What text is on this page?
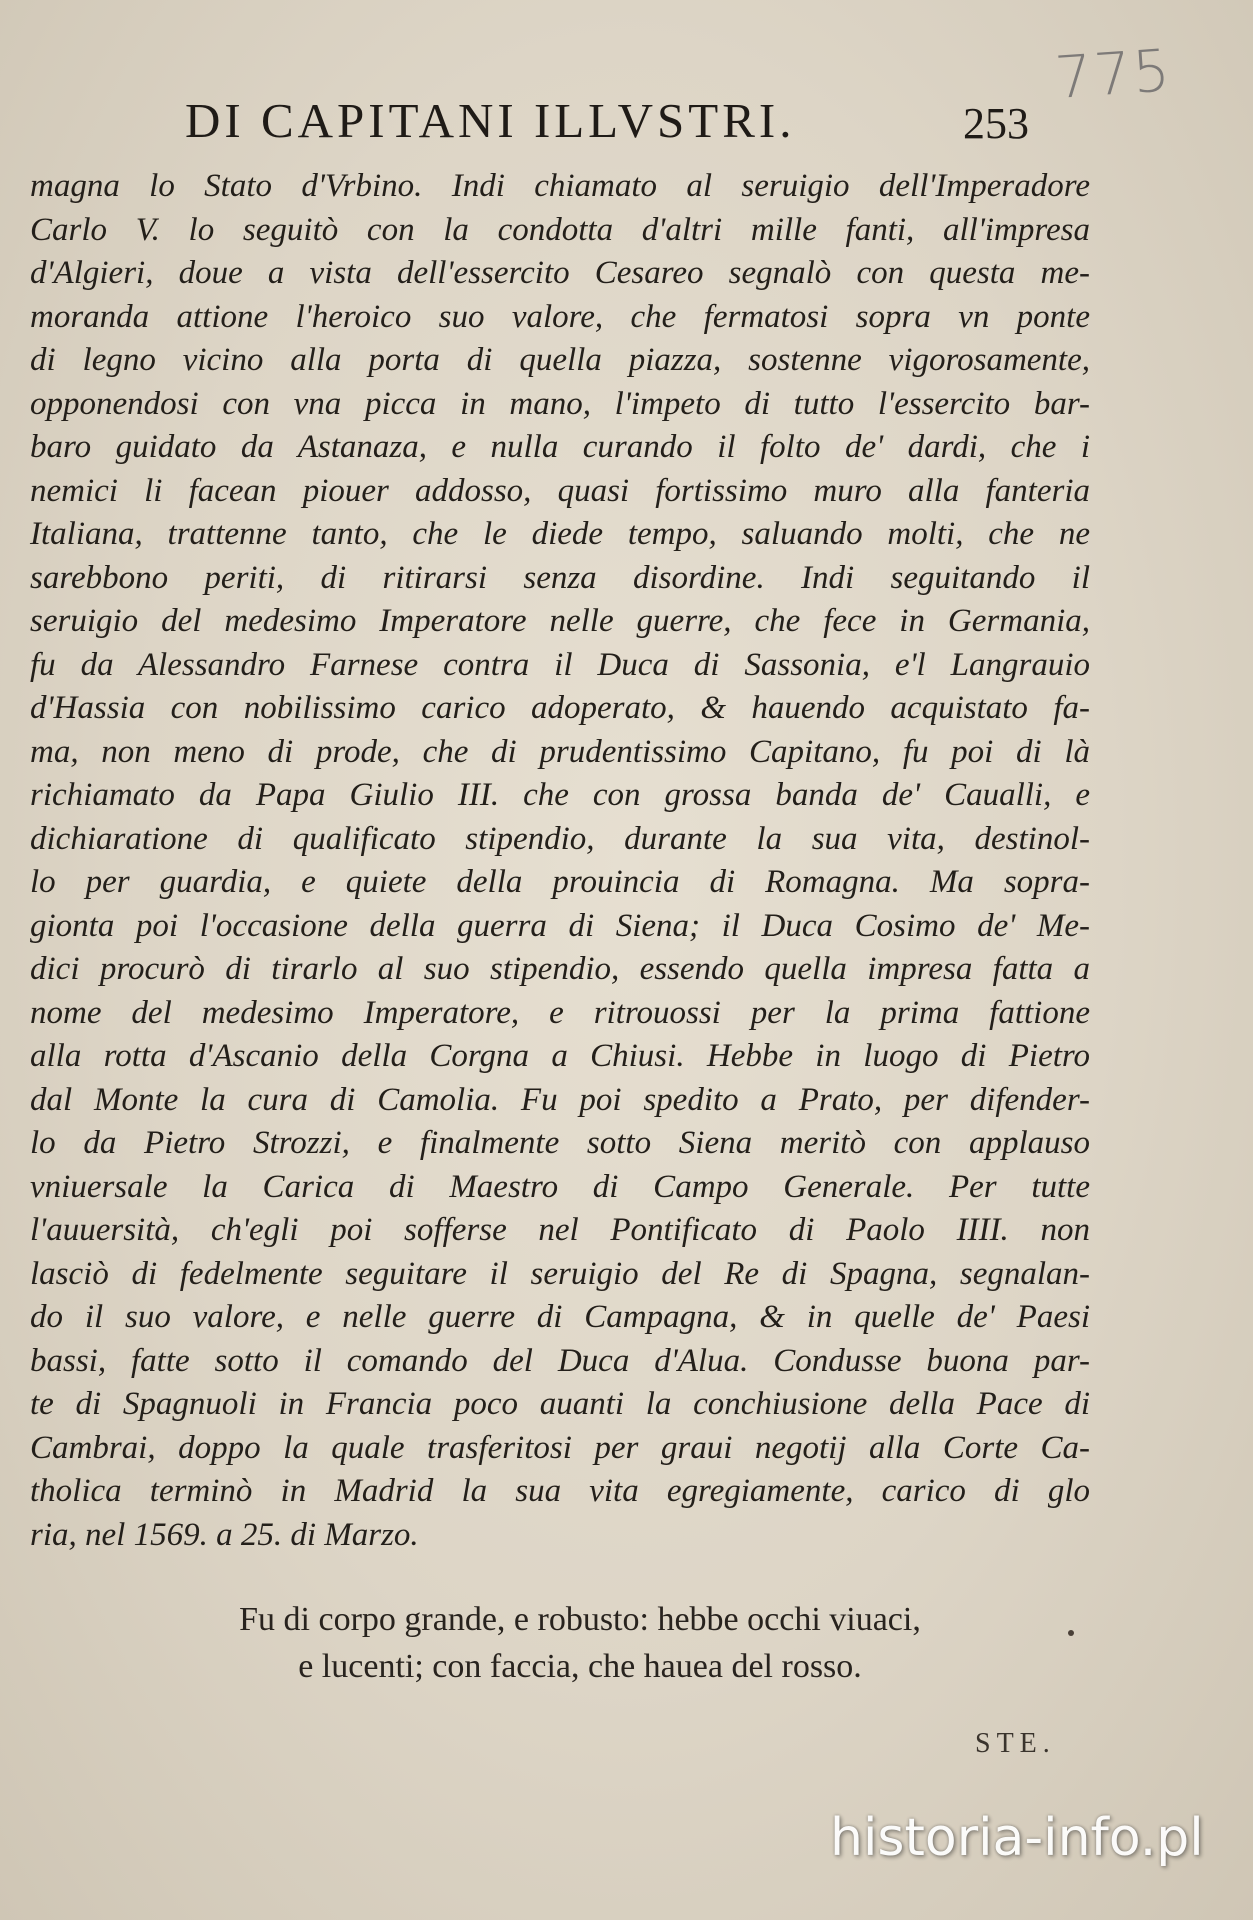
775
DI CAPITANI ILLVSTRI.	253
magna lo Stato d'Vrbino. Indi chiamato al seruigio dell'Imperadore
Carlo V. lo seguitò con la condotta d'altri mille fanti, all'impresa
d'Algieri, doue a vista dell'essercito Cesareo segnalò con questa me-
moranda attione l'heroico suo valore, che fermatosi sopra vn ponte
di legno vicino alla porta di quella piazza, sostenne vigorosamente,
opponendosi con vna picca in mano, l'impeto di tutto l'essercito bar-
baro guidato da Astanaza, e nulla curando il folto de' dardi, che i
nemici li facean piouer addosso, quasi fortissimo muro alla fanteria
Italiana, trattenne tanto, che le diede tempo, saluando molti, che ne
sarebbono periti, di ritirarsi senza disordine. Indi seguitando il
seruigio del medesimo Imperatore nelle guerre, che fece in Germania,
fu da Alessandro Farnese contra il Duca di Sassonia, e'l Langrauio
d'Hassia con nobilissimo carico adoperato, & hauendo acquistato fa-
ma, non meno di prode, che di prudentissimo Capitano, fu poi di là
richiamato da Papa Giulio III. che con grossa banda de' Caualli, e
dichiaratione di qualificato stipendio, durante la sua vita, destinol-
lo per guardia, e quiete della prouincia di Romagna. Ma sopra-
gionta poi l'occasione della guerra di Siena; il Duca Cosimo de' Me-
dici procurò di tirarlo al suo stipendio, essendo quella impresa fatta a
nome del medesimo Imperatore, e ritrouossi per la prima fattione
alla rotta d'Ascanio della Corgna a Chiusi. Hebbe in luogo di Pietro
dal Monte la cura di Camolia. Fu poi spedito a Prato, per difender-
lo da Pietro Strozzi, e finalmente sotto Siena meritò con applauso
vniuersale la Carica di Maestro di Campo Generale. Per tutte
l'auuersità, ch'egli poi sofferse nel Pontificato di Paolo IIII. non
lasciò di fedelmente seguitare il seruigio del Re di Spagna, segnalan-
do il suo valore, e nelle guerre di Campagna, & in quelle de' Paesi
bassi, fatte sotto il comando del Duca d'Alua. Condusse buona par-
te di Spagnuoli in Francia poco auanti la conchiusione della Pace di
Cambrai, doppo la quale trasferitosi per graui negotij alla Corte Ca-
tholica terminò in Madrid la sua vita egregiamente, carico di glo
ria, nel 1569. a 25. di Marzo.
Fu di corpo grande, e robusto: hebbe occhi viuaci,
e lucenti; con faccia, che hauea del rosso.
STE.
historia-info.pl
